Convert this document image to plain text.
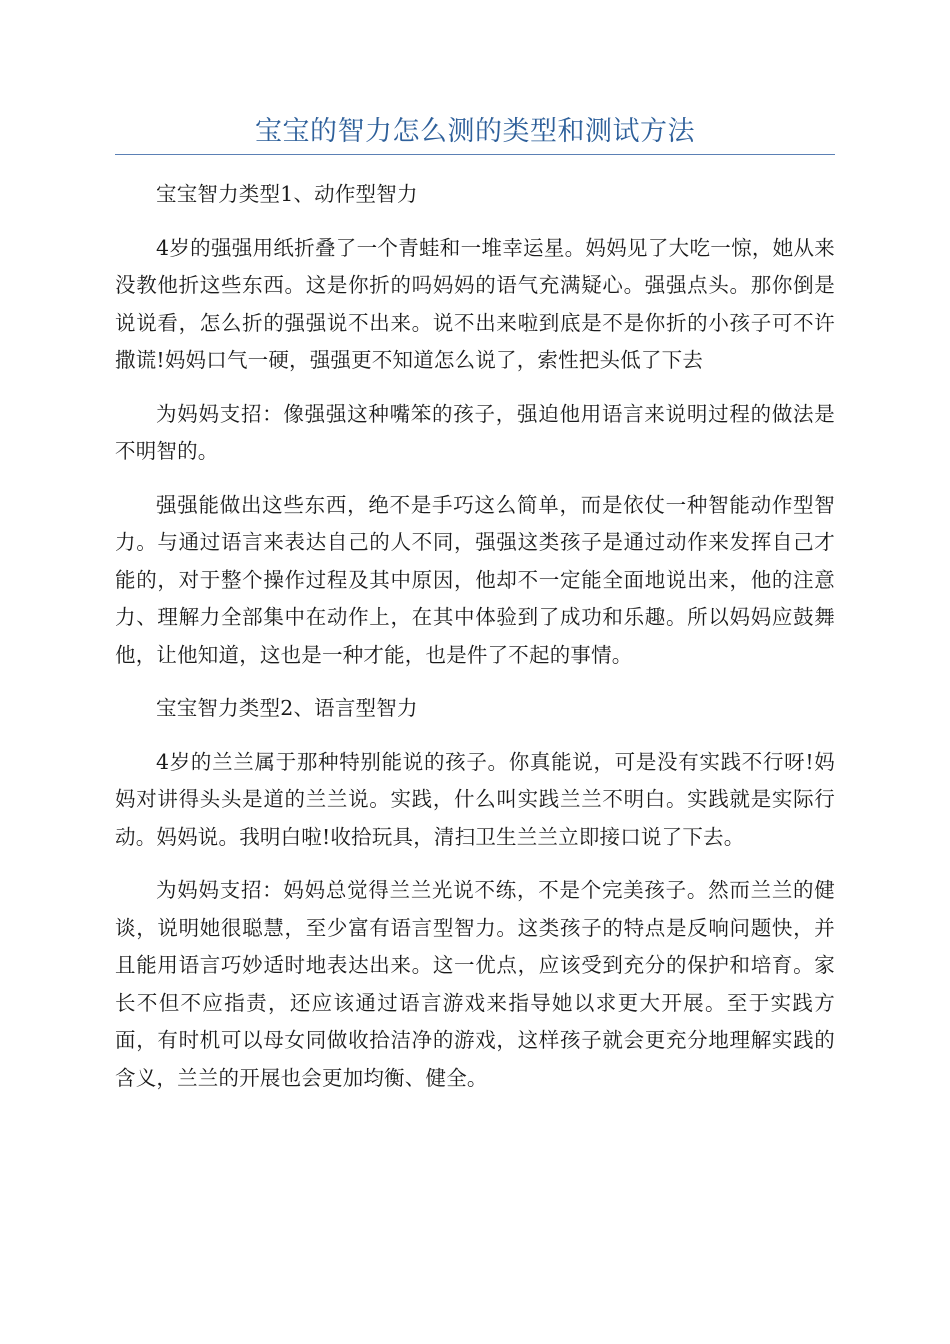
宝宝的智力怎么测的类型和测试方法

宝宝智力类型1、动作型智力

4岁的强强用纸折叠了一个青蛙和一堆幸运星。妈妈见了大吃一惊，她从来没教他折这些东西。这是你折的吗妈妈的语气充满疑心。强强点头。那你倒是说说看，怎么折的强强说不出来。说不出来啦到底是不是你折的小孩子可不许撒谎!妈妈口气一硬，强强更不知道怎么说了，索性把头低了下去

为妈妈支招：像强强这种嘴笨的孩子，强迫他用语言来说明过程的做法是不明智的。

强强能做出这些东西，绝不是手巧这么简单，而是依仗一种智能动作型智力。与通过语言来表达自己的人不同，强强这类孩子是通过动作来发挥自己才能的，对于整个操作过程及其中原因，他却不一定能全面地说出来，他的注意力、理解力全部集中在动作上，在其中体验到了成功和乐趣。所以妈妈应鼓舞他，让他知道，这也是一种才能，也是件了不起的事情。

宝宝智力类型2、语言型智力

4岁的兰兰属于那种特别能说的孩子。你真能说，可是没有实践不行呀!妈妈对讲得头头是道的兰兰说。实践，什么叫实践兰兰不明白。实践就是实际行动。妈妈说。我明白啦!收拾玩具，清扫卫生兰兰立即接口说了下去。

为妈妈支招：妈妈总觉得兰兰光说不练，不是个完美孩子。然而兰兰的健谈，说明她很聪慧，至少富有语言型智力。这类孩子的特点是反响问题快，并且能用语言巧妙适时地表达出来。这一优点，应该受到充分的保护和培育。家长不但不应指责，还应该通过语言游戏来指导她以求更大开展。至于实践方面，有时机可以母女同做收拾洁净的游戏，这样孩子就会更充分地理解实践的含义，兰兰的开展也会更加均衡、健全。
